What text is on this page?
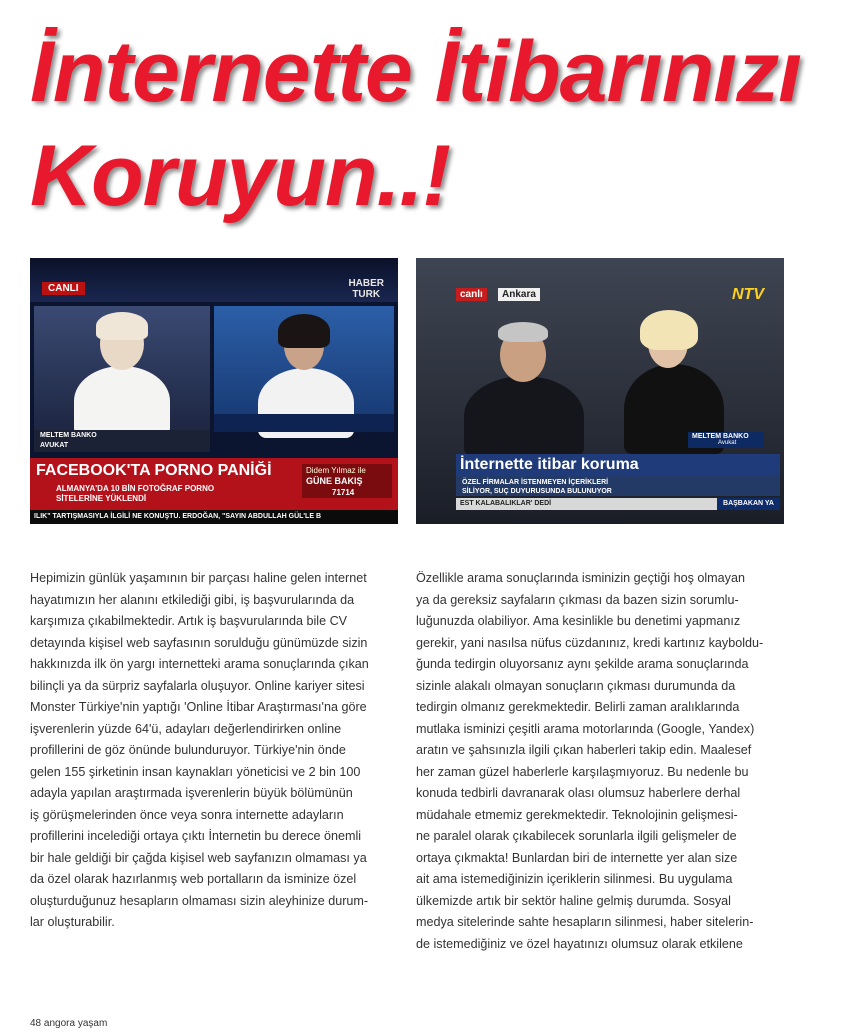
İnternette İtibarınızı
Koruyun..!
CANLI	HABER
TURK
MELTEM BANKO
AVUKAT
FACEBOOK'TA PORNO PANİĞİ
ALMANYA'DA 10 BİN FOTOĞRAF PORNO
SİTELERİNE YÜKLENDİ
Didem Yılmaz ile
GÜNE BAKIŞ
71714
ILIK" TARTIŞMASIYLA İLGİLİ NE KONUŞTU. ERDOĞAN, "SAYIN ABDULLAH GÜL'LE B
canlı	Ankara	NTV
MELTEM BANKO
Avukat
İnternette itibar koruma
ÖZEL FİRMALAR İSTENMEYEN İÇERİKLERİ
SİLİYOR, SUÇ DUYURUSUNDA BULUNUYOR
EST KALABALIKLAR' DEDİ	BAŞBAKAN YA
Hepimizin günlük yaşamının bir parçası haline gelen internet
hayatımızın her alanını etkilediği gibi, iş başvurularında da
karşımıza çıkabilmektedir. Artık iş başvurularında bile CV
detayında kişisel web sayfasının sorulduğu günümüzde sizin
hakkınızda ilk ön yargı internetteki arama sonuçlarında çıkan
bilinçli ya da sürpriz sayfalarla oluşuyor. Online kariyer sitesi
Monster Türkiye'nin yaptığı 'Online İtibar Araştırması'na göre
işverenlerin yüzde 64'ü, adayları değerlendirirken online
profillerini de göz önünde bulunduruyor. Türkiye'nin önde
gelen 155 şirketinin insan kaynakları yöneticisi ve 2 bin 100
adayla yapılan araştırmada işverenlerin büyük bölümünün
iş görüşmelerinden önce veya sonra internette adayların
profillerini incelediği ortaya çıktı İnternetin bu derece önemli
bir hale geldiği bir çağda kişisel web sayfanızın olmaması ya
da özel olarak hazırlanmış web portalların da isminize özel
oluşturduğunuz hesapların olmaması sizin aleyhinize durum-
lar oluşturabilir.
Özellikle arama sonuçlarında isminizin geçtiği hoş olmayan
ya da gereksiz sayfaların çıkması da bazen sizin sorumlu-
luğunuzda olabiliyor. Ama kesinlikle bu denetimi yapmanız
gerekir, yani nasılsa nüfus cüzdanınız, kredi kartınız kayboldu-
ğunda tedirgin oluyorsanız aynı şekilde arama sonuçlarında
sizinle alakalı olmayan sonuçların çıkması durumunda da
tedirgin olmanız gerekmektedir. Belirli zaman aralıklarında
mutlaka isminizi çeşitli arama motorlarında (Google, Yandex)
aratın ve şahsınızla ilgili çıkan haberleri takip edin. Maalesef
her zaman güzel haberlerle karşılaşmıyoruz. Bu nedenle bu
konuda tedbirli davranarak olası olumsuz haberlere derhal
müdahale etmemiz gerekmektedir. Teknolojinin gelişmesi-
ne paralel olarak çıkabilecek sorunlarla ilgili gelişmeler de
ortaya çıkmakta! Bunlardan biri de internette yer alan size
ait ama istemediğinizin içeriklerin silinmesi. Bu uygulama
ülkemizde artık bir sektör haline gelmiş durumda. Sosyal
medya sitelerinde sahte hesapların silinmesi, haber sitelerin-
de istemediğiniz ve özel hayatınızı olumsuz olarak etkilene
48 angora yaşam
